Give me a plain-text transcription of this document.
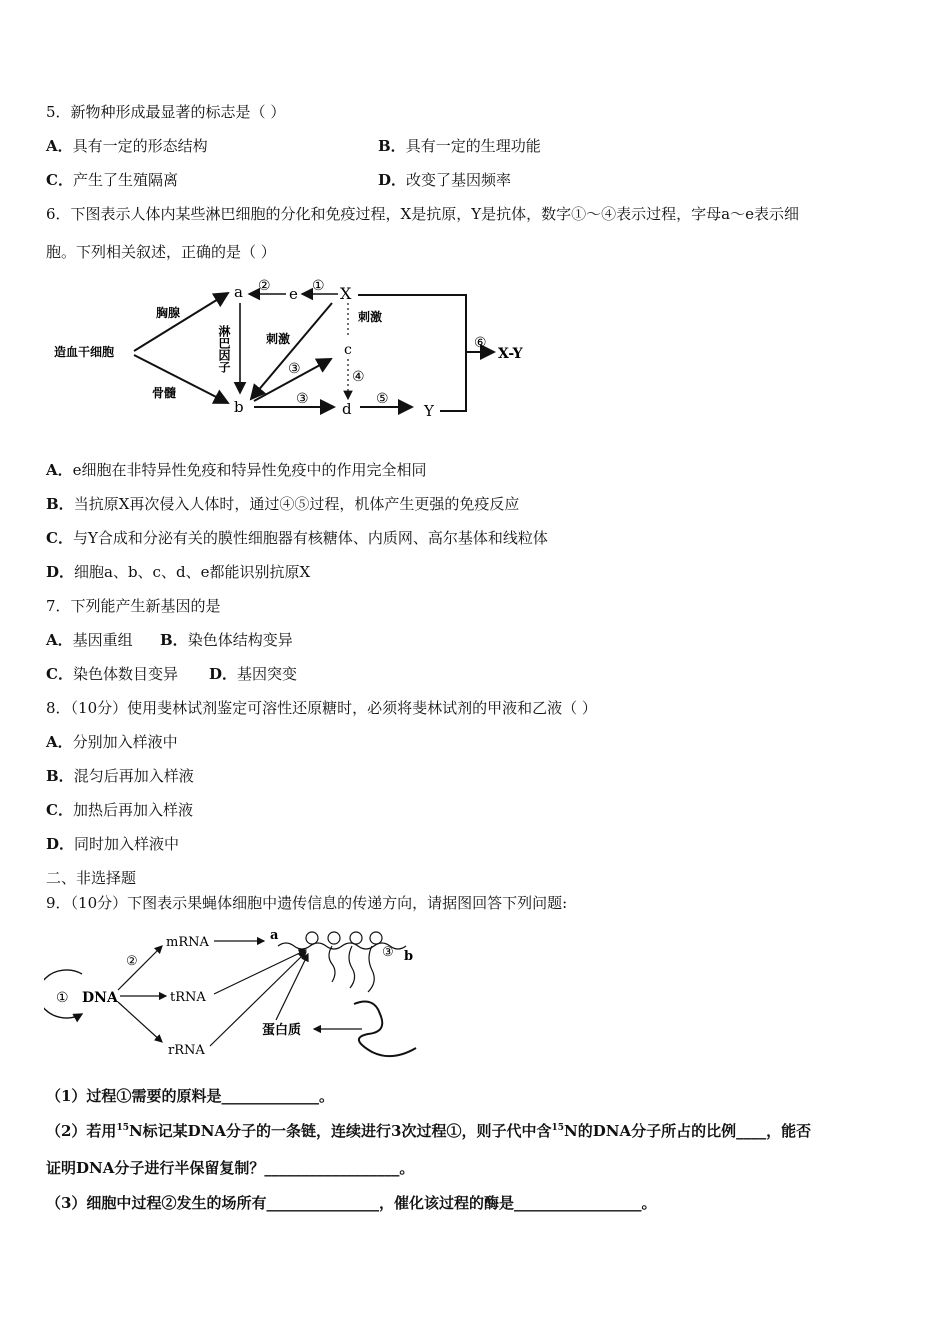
5．新物种形成最显著的标志是（ ）
A．具有一定的形态结构	B．具有一定的生理功能
C．产生了生殖隔离	D．改变了基因频率
6．下图表示人体内某些淋巴细胞的分化和免疫过程，X是抗原，Y是抗体，数字①～④表示过程，字母a～e表示细
胞。下列相关叙述，正确的是（ ）
造血干细胞
胸腺
骨髓
a
b
e	X
c
d	Y
X-Y
②	①
淋巴因子	刺激
③
③
刺激
④
⑤
⑥
A．e细胞在非特异性免疫和特异性免疫中的作用完全相同
B．当抗原X再次侵入人体时，通过④⑤过程，机体产生更强的免疫反应
C．与Y合成和分泌有关的膜性细胞器有核糖体、内质网、高尔基体和线粒体
D．细胞a、b、c、d、e都能识别抗原X
7．下列能产生新基因的是
A．基因重组 B．染色体结构变异
C．染色体数目变异 D．基因突变
8．（10分）使用斐林试剂鉴定可溶性还原糖时，必须将斐林试剂的甲液和乙液（ ）
A．分别加入样液中
B．混匀后再加入样液
C．加热后再加入样液
D．同时加入样液中
二、非选择题
9．（10分）下图表示果蝇体细胞中遗传信息的传递方向，请据图回答下列问题:
① DNA
②
mRNA
tRNA
rRNA
a
③ b
蛋白质
（1）过程①需要的原料是_____________。
（2）若用$^{15}$N标记某DNA分子的一条链，连续进行3次过程①，则子代中含$^{15}$N的DNA分子所占的比例____，能否
证明DNA分子进行半保留复制？__________________。
（3）细胞中过程②发生的场所有_______________，催化该过程的酶是_________________。
